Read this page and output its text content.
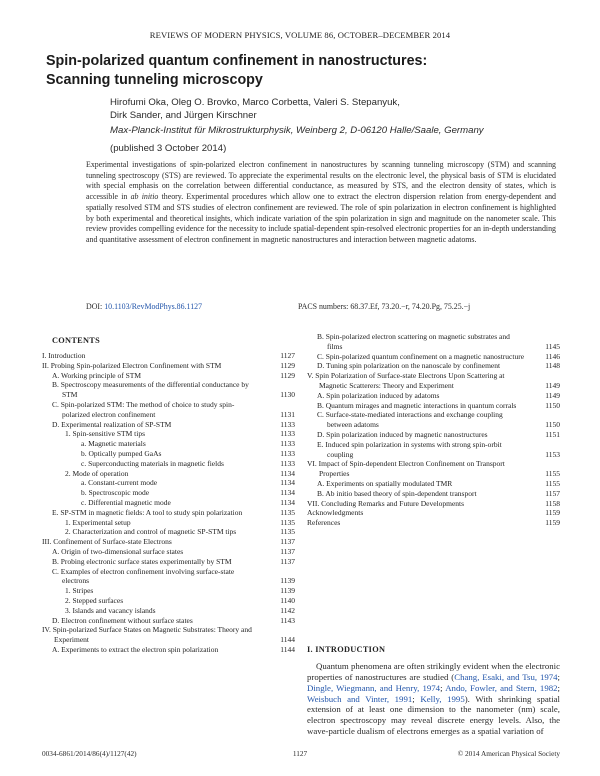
REVIEWS OF MODERN PHYSICS, VOLUME 86, OCTOBER–DECEMBER 2014
Spin-polarized quantum confinement in nanostructures:
Scanning tunneling microscopy
Hirofumi Oka, Oleg O. Brovko, Marco Corbetta, Valeri S. Stepanyuk,
Dirk Sander, and Jürgen Kirschner
Max-Planck-Institut für Mikrostrukturphysik, Weinberg 2, D-06120 Halle/Saale, Germany
(published 3 October 2014)

Experimental investigations of spin-polarized electron confinement in nanostructures by scanning tunneling microscopy (STM) and scanning tunneling spectroscopy (STS) are reviewed. To appreciate the experimental results on the electronic level, the physical basis of STM is elucidated with special emphasis on the correlation between differential conductance, as measured by STS, and the electron density of states, which is accessible in ab initio theory. Experimental procedures which allow one to extract the electron dispersion relation from energy-dependent and spatially resolved STM and STS studies of electron confinement are reviewed. The role of spin polarization in electron confinement is highlighted by both experimental and theoretical insights, which indicate variation of the spin polarization in sign and magnitude on the nanometer scale. This review provides compelling evidence for the necessity to include spatial-dependent spin-resolved electronic properties for an in-depth understanding and quantitative assessment of electron confinement in magnetic nanostructures and interaction between magnetic adatoms.

DOI: 10.1103/RevModPhys.86.1127	PACS numbers: 68.37.Ef, 73.20.−r, 74.20.Pg, 75.25.−j
CONTENTS
I. Introduction	1127
II. Probing Spin-polarized Electron Confinement with STM	1129
A. Working principle of STM	1129
B. Spectroscopy measurements of the differential conductance by STM	1130
C. Spin-polarized STM: The method of choice to study spin-polarized electron confinement	1131
D. Experimental realization of SP-STM	1133
1. Spin-sensitive STM tips	1133
a. Magnetic materials	1133
b. Optically pumped GaAs	1133
c. Superconducting materials in magnetic fields	1133
2. Mode of operation	1134
a. Constant-current mode	1134
b. Spectroscopic mode	1134
c. Differential magnetic mode	1134
E. SP-STM in magnetic fields: A tool to study spin polarization	1135
1. Experimental setup	1135
2. Characterization and control of magnetic SP-STM tips	1135
III. Confinement of Surface-state Electrons	1137
A. Origin of two-dimensional surface states	1137
B. Probing electronic surface states experimentally by STM	1137
C. Examples of electron confinement involving surface-state electrons	1139
1. Stripes	1139
2. Stepped surfaces	1140
3. Islands and vacancy islands	1142
D. Electron confinement without surface states	1143
IV. Spin-polarized Surface States on Magnetic Substrates: Theory and Experiment	1144
A. Experiments to extract the electron spin polarization	1144
B. Spin-polarized electron scattering on magnetic substrates and films	1145
C. Spin-polarized quantum confinement on a magnetic nanostructure	1146
D. Tuning spin polarization on the nanoscale by confinement	1148
V. Spin Polarization of Surface-state Electrons Upon Scattering at Magnetic Scatterers: Theory and Experiment	1149
A. Spin polarization induced by adatoms	1149
B. Quantum mirages and magnetic interactions in quantum corrals	1150
C. Surface-state-mediated interactions and exchange coupling between adatoms	1150
D. Spin polarization induced by magnetic nanostructures	1151
E. Induced spin polarization in systems with strong spin-orbit coupling	1153
VI. Impact of Spin-dependent Electron Confinement on Transport Properties	1155
A. Experiments on spatially modulated TMR	1155
B. Ab initio based theory of spin-dependent transport	1157
VII. Concluding Remarks and Future Developments	1158
Acknowledgments	1159
References	1159
I. INTRODUCTION
Quantum phenomena are often strikingly evident when the electronic properties of nanostructures are studied (Chang, Esaki, and Tsu, 1974; Dingle, Wiegmann, and Henry, 1974; Ando, Fowler, and Stern, 1982; Weisbuch and Vinter, 1991; Kelly, 1995). With shrinking spatial extension of at least one dimension to the nanometer (nm) scale, electron spectroscopy may reveal discrete energy levels. Also, the wave-particle dualism of electrons emerges as a spatial variation of
0034-6861/2014/86(4)/1127(42)	1127	© 2014 American Physical Society
